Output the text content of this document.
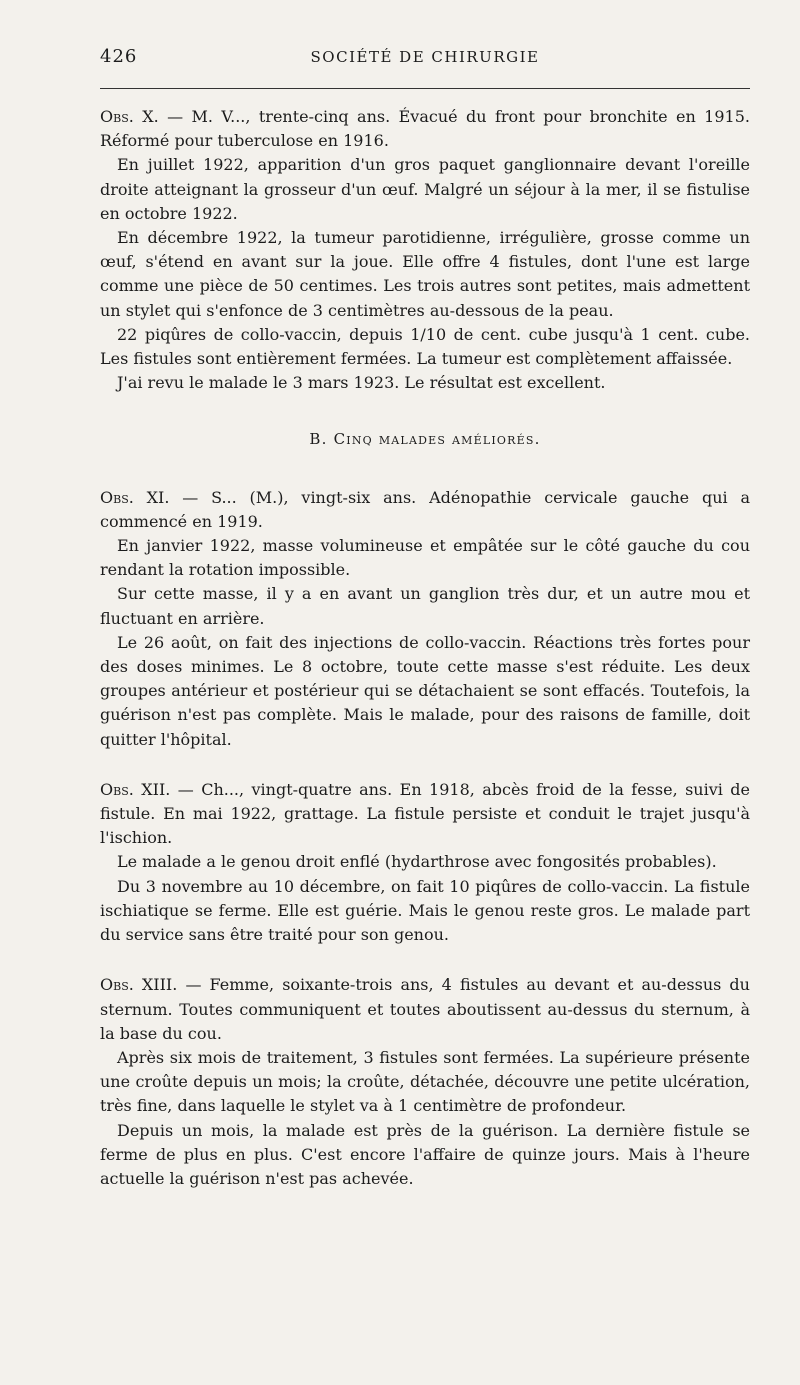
426	SOCIÉTÉ DE CHIRURGIE

Obs. X. — M. V..., trente-cinq ans. Évacué du front pour bronchite en 1915. Réformé pour tuberculose en 1916.

En juillet 1922, apparition d'un gros paquet ganglionnaire devant l'oreille droite atteignant la grosseur d'un œuf. Malgré un séjour à la mer, il se fistulise en octobre 1922.

En décembre 1922, la tumeur parotidienne, irrégulière, grosse comme un œuf, s'étend en avant sur la joue. Elle offre 4 fistules, dont l'une est large comme une pièce de 50 centimes. Les trois autres sont petites, mais admettent un stylet qui s'enfonce de 3 centimètres au-dessous de la peau.

22 piqûres de collo-vaccin, depuis 1/10 de cent. cube jusqu'à 1 cent. cube. Les fistules sont entièrement fermées. La tumeur est complètement affaissée.

J'ai revu le malade le 3 mars 1923. Le résultat est excellent.

B. Cinq malades améliorés.

Obs. XI. — S... (M.), vingt-six ans. Adénopathie cervicale gauche qui a commencé en 1919.

En janvier 1922, masse volumineuse et empâtée sur le côté gauche du cou rendant la rotation impossible.

Sur cette masse, il y a en avant un ganglion très dur, et un autre mou et fluctuant en arrière.

Le 26 août, on fait des injections de collo-vaccin. Réactions très fortes pour des doses minimes. Le 8 octobre, toute cette masse s'est réduite. Les deux groupes antérieur et postérieur qui se détachaient se sont effacés. Toutefois, la guérison n'est pas complète. Mais le malade, pour des raisons de famille, doit quitter l'hôpital.

Obs. XII. — Ch..., vingt-quatre ans. En 1918, abcès froid de la fesse, suivi de fistule. En mai 1922, grattage. La fistule persiste et conduit le trajet jusqu'à l'ischion.

Le malade a le genou droit enflé (hydarthrose avec fongosités probables).

Du 3 novembre au 10 décembre, on fait 10 piqûres de collo-vaccin. La fistule ischiatique se ferme. Elle est guérie. Mais le genou reste gros. Le malade part du service sans être traité pour son genou.

Obs. XIII. — Femme, soixante-trois ans, 4 fistules au devant et au-dessus du sternum. Toutes communiquent et toutes aboutissent au-dessus du sternum, à la base du cou.

Après six mois de traitement, 3 fistules sont fermées. La supérieure présente une croûte depuis un mois; la croûte, détachée, découvre une petite ulcération, très fine, dans laquelle le stylet va à 1 centimètre de profondeur.

Depuis un mois, la malade est près de la guérison. La dernière fistule se ferme de plus en plus. C'est encore l'affaire de quinze jours. Mais à l'heure actuelle la guérison n'est pas achevée.
